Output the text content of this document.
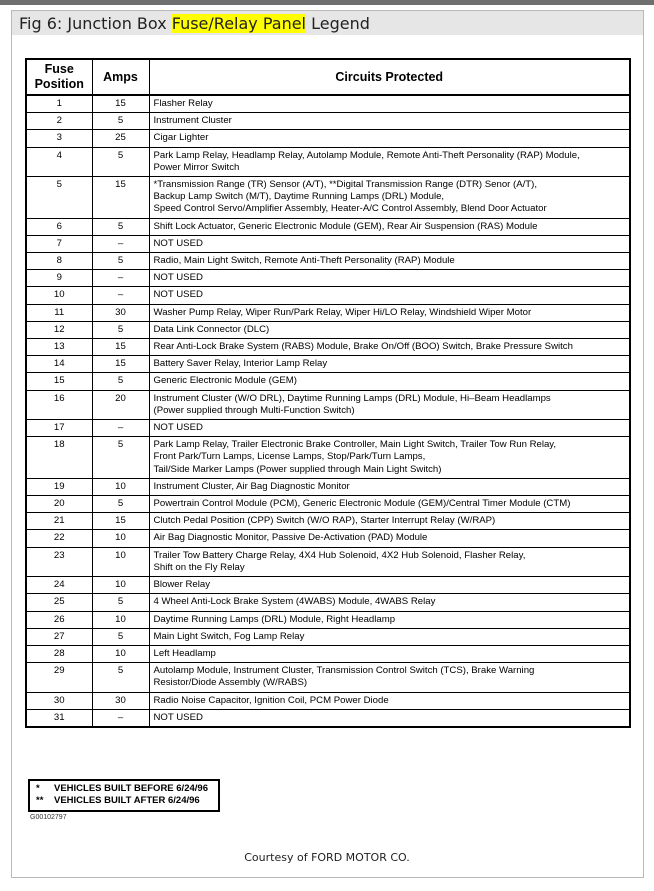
Fig 6: Junction Box Fuse/Relay Panel Legend
Fuse
Position	Amps	Circuits Protected
1	15	Flasher Relay
2	5	Instrument Cluster
3	25	Cigar Lighter
4	5	Park Lamp Relay, Headlamp Relay, Autolamp Module, Remote Anti-Theft Personality (RAP) Module,
Power Mirror Switch
5	15	*Transmission Range (TR) Sensor (A/T), **Digital Transmission Range (DTR) Senor (A/T),
Backup Lamp Switch (M/T), Daytime Running Lamps (DRL) Module,
Speed Control Servo/Amplifier Assembly, Heater-A/C Control Assembly, Blend Door Actuator
6	5	Shift Lock Actuator, Generic Electronic Module (GEM), Rear Air Suspension (RAS) Module
7	–	NOT USED
8	5	Radio, Main Light Switch, Remote Anti-Theft Personality (RAP) Module
9	–	NOT USED
10	–	NOT USED
11	30	Washer Pump Relay, Wiper Run/Park Relay, Wiper Hi/LO Relay, Windshield Wiper Motor
12	5	Data Link Connector (DLC)
13	15	Rear Anti-Lock Brake System (RABS) Module, Brake On/Off (BOO) Switch, Brake Pressure Switch
14	15	Battery Saver Relay, Interior Lamp Relay
15	5	Generic Electronic Module (GEM)
16	20	Instrument Cluster (W/O DRL), Daytime Running Lamps (DRL) Module, Hi–Beam Headlamps
(Power supplied through Multi-Function Switch)
17	–	NOT USED
18	5	Park Lamp Relay, Trailer Electronic Brake Controller, Main Light Switch, Trailer Tow Run Relay,
Front Park/Turn Lamps, License Lamps, Stop/Park/Turn Lamps,
Tail/Side Marker Lamps (Power supplied through Main Light Switch)
19	10	Instrument Cluster, Air Bag Diagnostic Monitor
20	5	Powertrain Control Module (PCM), Generic Electronic Module (GEM)/Central Timer Module (CTM)
21	15	Clutch Pedal Position (CPP) Switch (W/O RAP), Starter Interrupt Relay (W/RAP)
22	10	Air Bag Diagnostic Monitor, Passive De-Activation (PAD) Module
23	10	Trailer Tow Battery Charge Relay, 4X4 Hub Solenoid, 4X2 Hub Solenoid, Flasher Relay,
Shift on the Fly Relay
24	10	Blower Relay
25	5	4 Wheel Anti-Lock Brake System (4WABS) Module, 4WABS Relay
26	10	Daytime Running Lamps (DRL) Module, Right Headlamp
27	5	Main Light Switch, Fog Lamp Relay
28	10	Left Headlamp
29	5	Autolamp Module, Instrument Cluster, Transmission Control Switch (TCS), Brake Warning
Resistor/Diode Assembly (W/RABS)
30	30	Radio Noise Capacitor, Ignition Coil, PCM Power Diode
31	–	NOT USED
* VEHICLES BUILT BEFORE 6/24/96
** VEHICLES BUILT AFTER 6/24/96
G00102797
Courtesy of FORD MOTOR CO.
